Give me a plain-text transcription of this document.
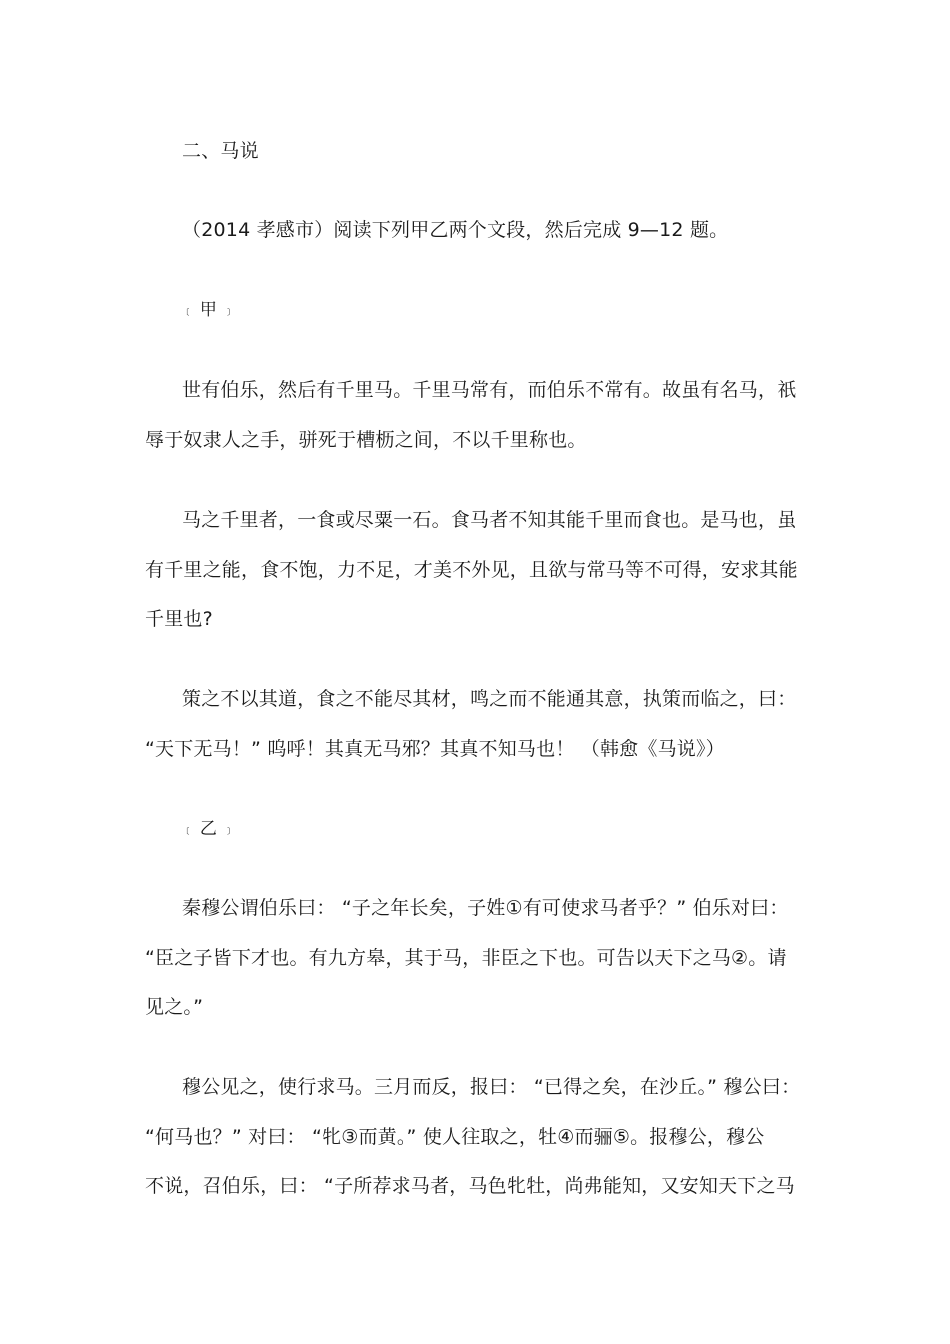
二、马说
（2014 孝感市）阅读下列甲乙两个文段，然后完成 9—12 题。
﹝ 甲 ﹞
世有伯乐，然后有千里马。千里马常有，而伯乐不常有。故虽有名马，祇
辱于奴隶人之手，骈死于槽枥之间，不以千里称也。
马之千里者，一食或尽粟一石。食马者不知其能千里而食也。是马也，虽
有千里之能，食不饱，力不足，才美不外见，且欲与常马等不可得，安求其能
千里也?
策之不以其道，食之不能尽其材，鸣之而不能通其意，执策而临之，曰：
“天下无马！” 呜呼！其真无马邪？其真不知马也！ （韩愈《马说》）
﹝ 乙 ﹞
秦穆公谓伯乐曰： “子之年长矣，子姓①有可使求马者乎？” 伯乐对曰：
“臣之子皆下才也。有九方皋，其于马，非臣之下也。可告以天下之马②。请
见之。”
穆公见之，使行求马。三月而反，报曰： “已得之矣，在沙丘。” 穆公曰：
“何马也？” 对曰： “牝③而黄。” 使人往取之，牡④而骊⑤。报穆公，穆公
不说，召伯乐，曰： “子所荐求马者，马色牝牡，尚弗能知，又安知天下之马
